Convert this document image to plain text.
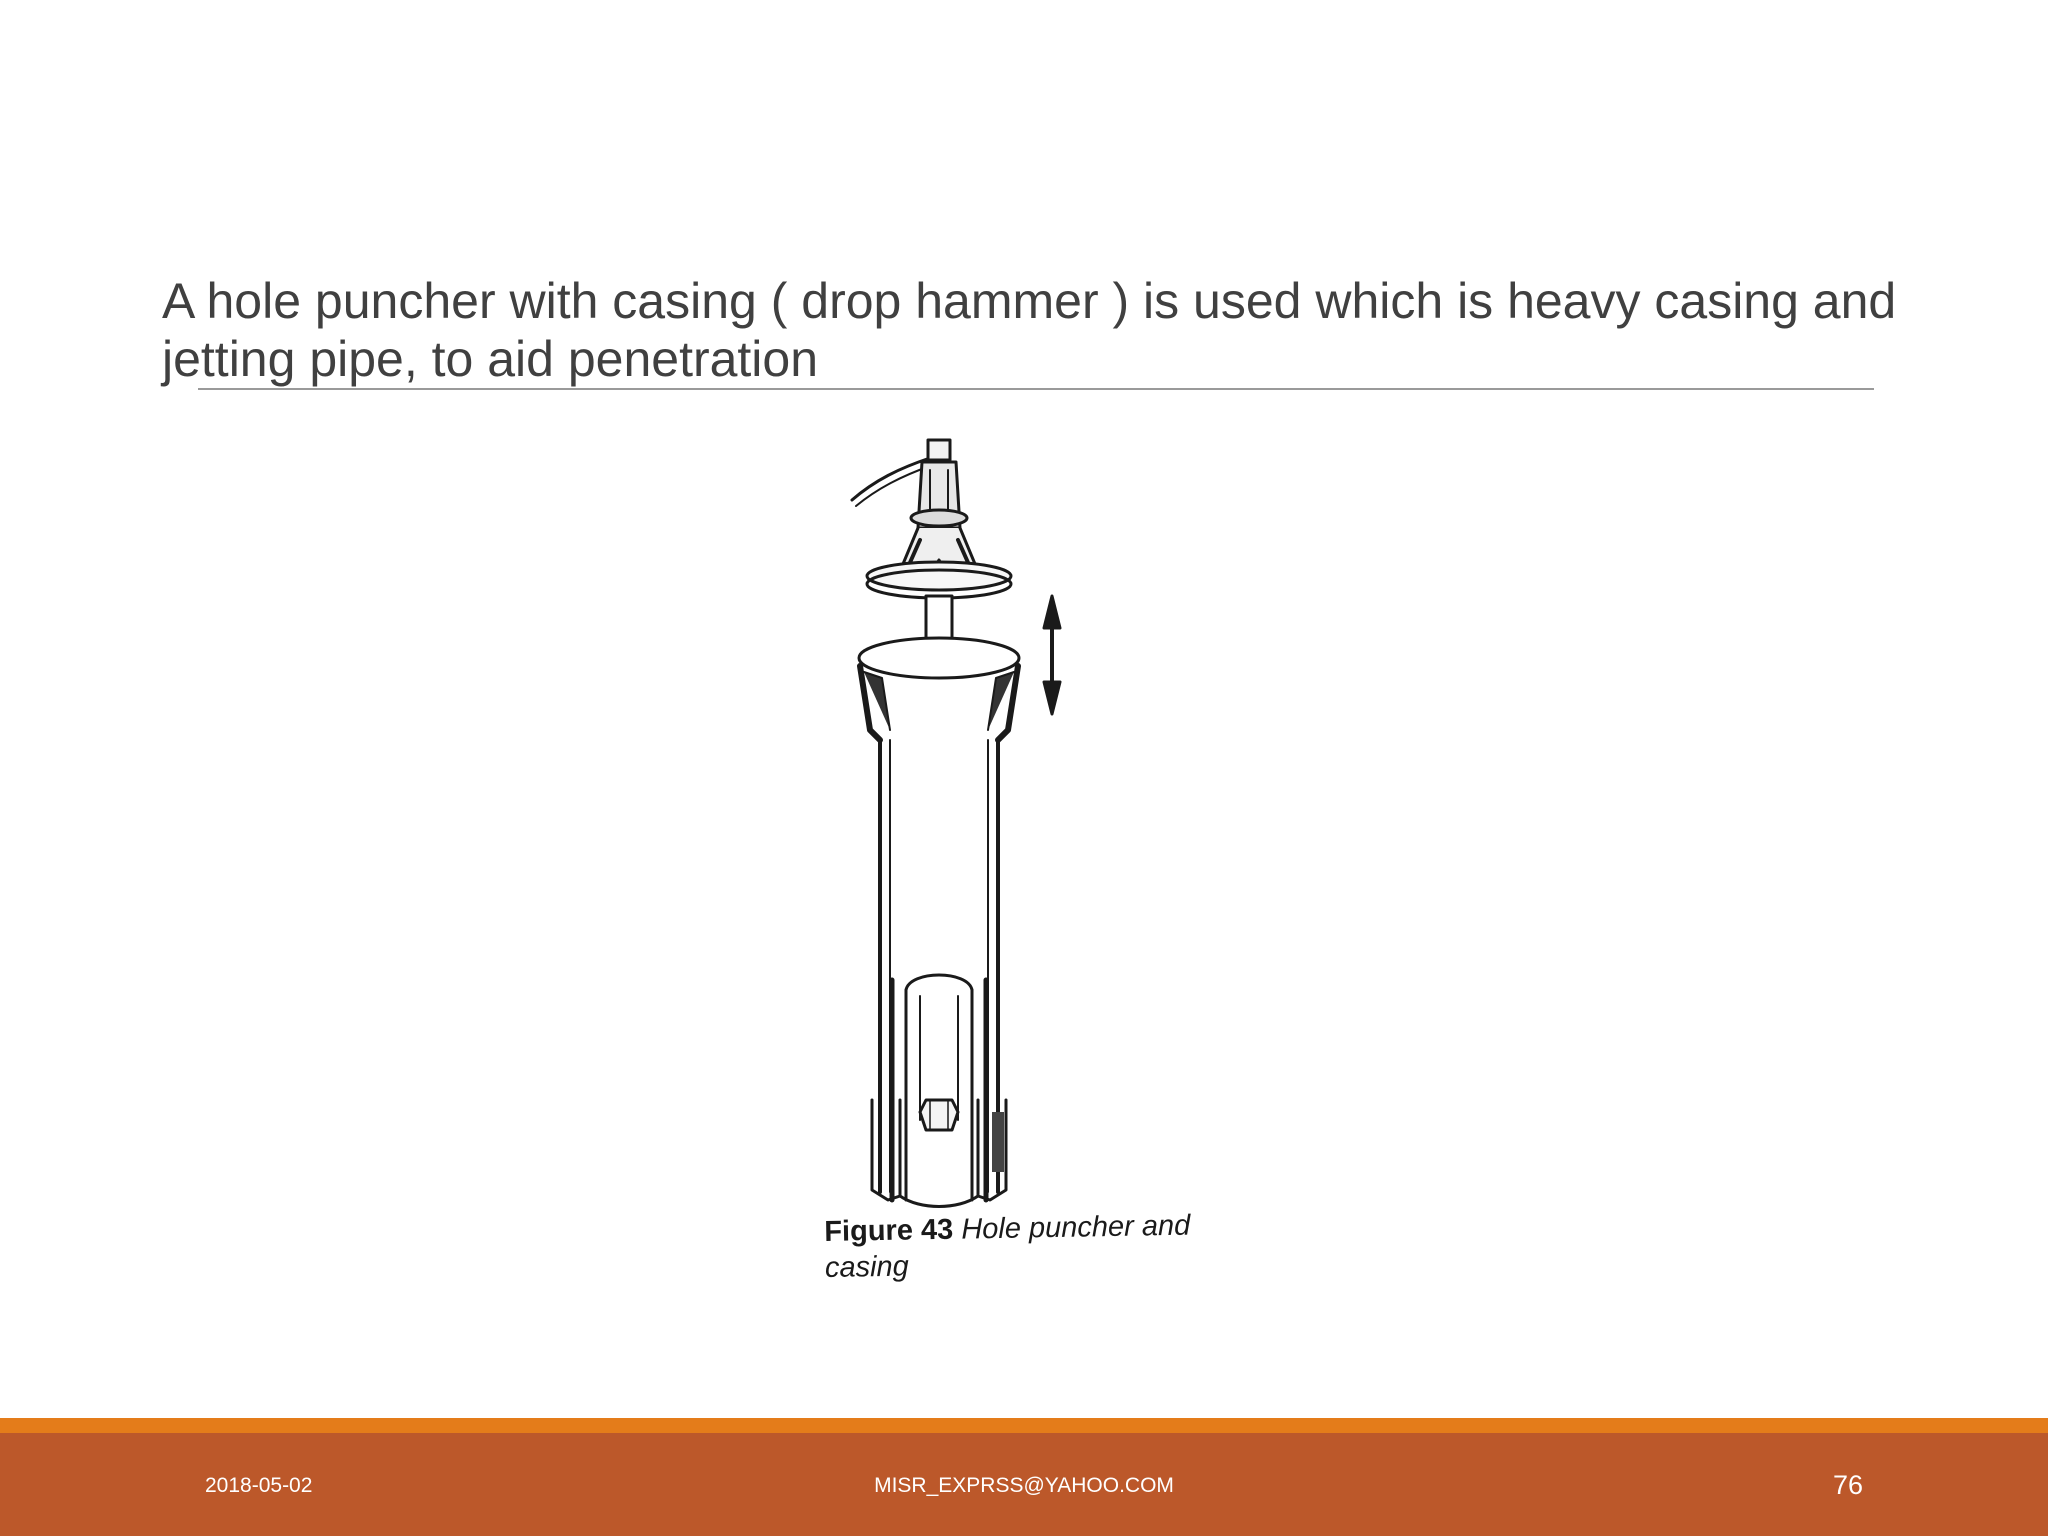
A hole puncher with casing ( drop hammer ) is used which is heavy casing and jetting pipe, to aid penetration

Figure 43 Hole puncher and casing
2018-05-02	MISR_EXPRSS@YAHOO.COM	76
